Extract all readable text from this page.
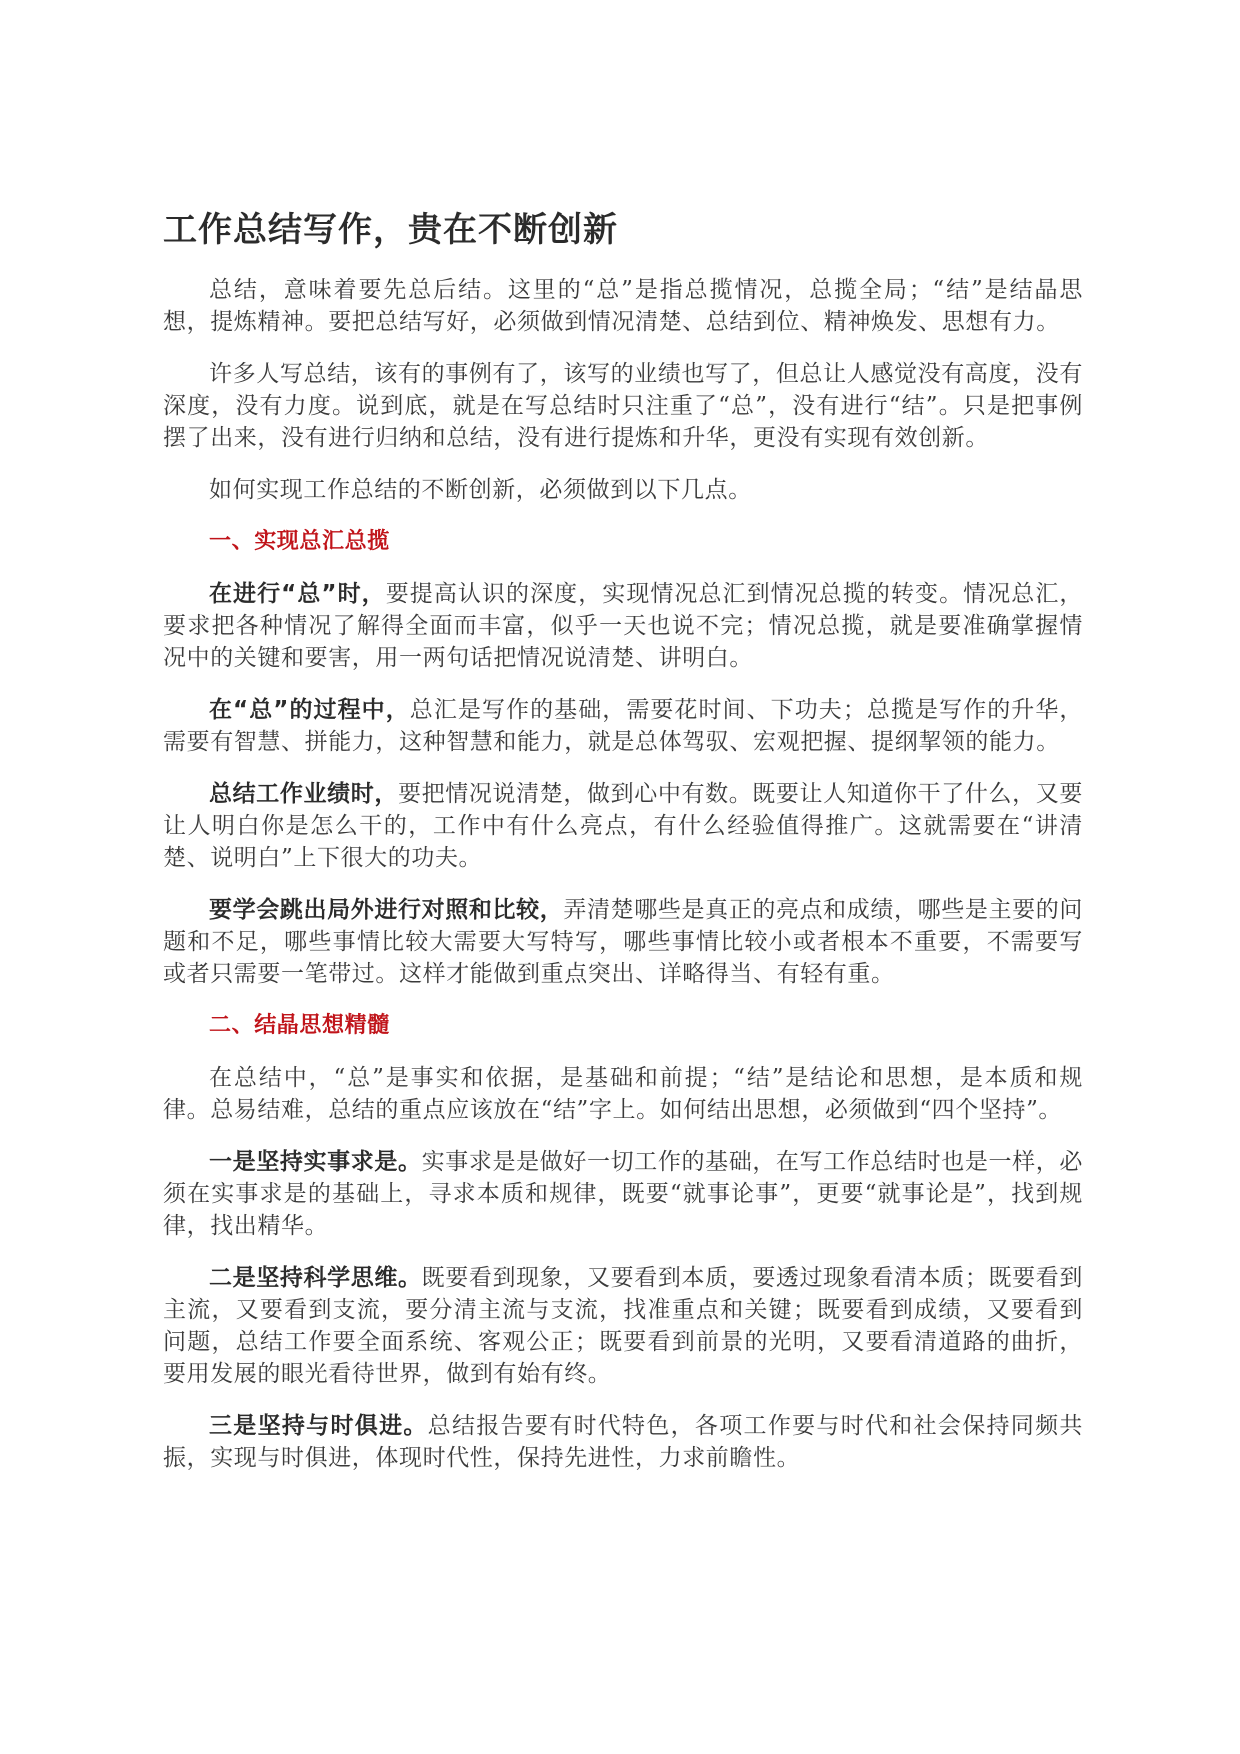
工作总结写作，贵在不断创新

总结，意味着要先总后结。这里的“总”是指总揽情况，总揽全局；“结”是结晶思想，提炼精神。要把总结写好，必须做到情况清楚、总结到位、精神焕发、思想有力。

许多人写总结，该有的事例有了，该写的业绩也写了，但总让人感觉没有高度，没有深度，没有力度。说到底，就是在写总结时只注重了“总”，没有进行“结”。只是把事例摆了出来，没有进行归纳和总结，没有进行提炼和升华，更没有实现有效创新。

如何实现工作总结的不断创新，必须做到以下几点。

一、实现总汇总揽

在进行“总”时，要提高认识的深度，实现情况总汇到情况总揽的转变。情况总汇，要求把各种情况了解得全面而丰富，似乎一天也说不完；情况总揽，就是要准确掌握情况中的关键和要害，用一两句话把情况说清楚、讲明白。

在“总”的过程中，总汇是写作的基础，需要花时间、下功夫；总揽是写作的升华，需要有智慧、拼能力，这种智慧和能力，就是总体驾驭、宏观把握、提纲挈领的能力。

总结工作业绩时，要把情况说清楚，做到心中有数。既要让人知道你干了什么，又要让人明白你是怎么干的，工作中有什么亮点，有什么经验值得推广。这就需要在“讲清楚、说明白”上下很大的功夫。

要学会跳出局外进行对照和比较，弄清楚哪些是真正的亮点和成绩，哪些是主要的问题和不足，哪些事情比较大需要大写特写，哪些事情比较小或者根本不重要，不需要写或者只需要一笔带过。这样才能做到重点突出、详略得当、有轻有重。

二、结晶思想精髓

在总结中，“总”是事实和依据，是基础和前提；“结”是结论和思想，是本质和规律。总易结难，总结的重点应该放在“结”字上。如何结出思想，必须做到“四个坚持”。

一是坚持实事求是。实事求是是做好一切工作的基础，在写工作总结时也是一样，必须在实事求是的基础上，寻求本质和规律，既要“就事论事”，更要“就事论是”，找到规律，找出精华。

二是坚持科学思维。既要看到现象，又要看到本质，要透过现象看清本质；既要看到主流，又要看到支流，要分清主流与支流，找准重点和关键；既要看到成绩，又要看到问题，总结工作要全面系统、客观公正；既要看到前景的光明，又要看清道路的曲折，要用发展的眼光看待世界，做到有始有终。

三是坚持与时俱进。总结报告要有时代特色，各项工作要与时代和社会保持同频共振，实现与时俱进，体现时代性，保持先进性，力求前瞻性。
